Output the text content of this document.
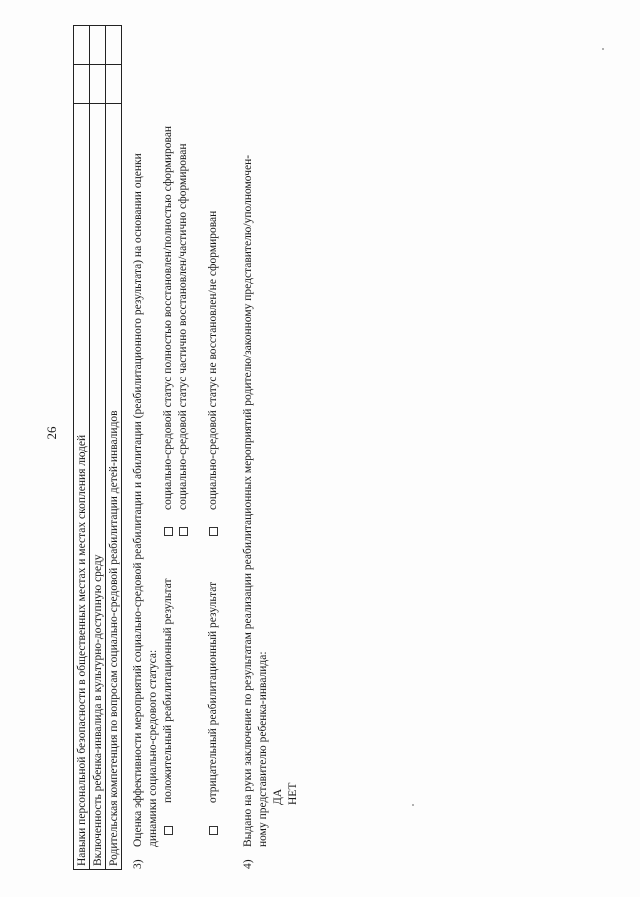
26
Навыки персональной безопасности в общественных местах и местах скопления людей		
Включенность ребенка-инвалида в культурно-доступную среду		
Родительская компетенция по вопросам социально-средовой реабилитации детей-инвалидов		3)
Оценка эффективности мероприятий социально-средовой реабилитации и абилитации (реабилитационного результата) на основании оценки динамики социально-средового статуса: положительный реабилитационный результат
социально-средовой статус полностью восстановлен/полностью сформирован социально-средовой статус частично восстановлен/частично сформирован
отрицательный реабилитационный результат
социально-средовой статус не восстановлен/не сформирован
4)
Выдано на руки заключение по результатам реализации реабилитационных мероприятий родителю/законному представителю/уполномочен- ному представителю ребенка-инвалида: ДА НЕТ
